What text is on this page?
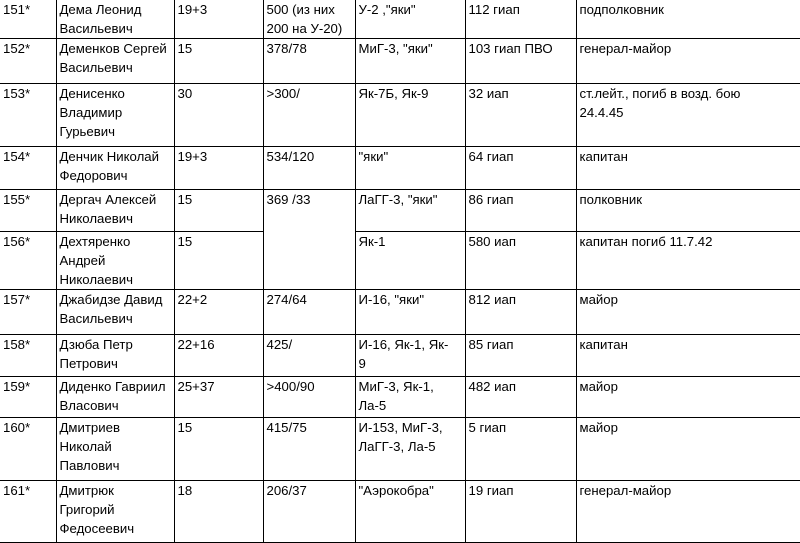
151*	Дема Леонид
Васильевич	19+3	500 (из них
200 на У-20)	У-2 ,"яки"	112 гиап	подполковник
152*	Деменков Сергей
Васильевич	15	378/78	МиГ-3, "яки"	103 гиап ПВО	генерал-майор
153*	Денисенко
Владимир
Гурьевич	30	>300/	Як-7Б, Як-9	32 иап	ст.лейт., погиб в возд. бою
24.4.45
154*	Денчик Николай
Федорович	19+3	534/120	"яки"	64 гиап	капитан
155*	Дергач Алексей
Николаевич	15	369 /33	ЛаГГ-3, "яки"	86 гиап	полковник
156*	Дехтяренко
Андрей
Николаевич	15		Як-1	580 иап	капитан погиб 11.7.42
157*	Джабидзе Давид
Васильевич	22+2	274/64	И-16, "яки"	812 иап	майор
158*	Дзюба Петр
Петрович	22+16	425/	И-16, Як-1, Як-
9	85 гиап	капитан
159*	Диденко Гавриил
Власович	25+37	>400/90	МиГ-3, Як-1,
Ла-5	482 иап	майор
160*	Дмитриев
Николай
Павлович	15	415/75	И-153, МиГ-3,
ЛаГГ-3, Ла-5	5 гиап	майор
161*	Дмитрюк
Григорий
Федосеевич	18	206/37	"Аэрокобра"	19 гиап	генерал-майор
